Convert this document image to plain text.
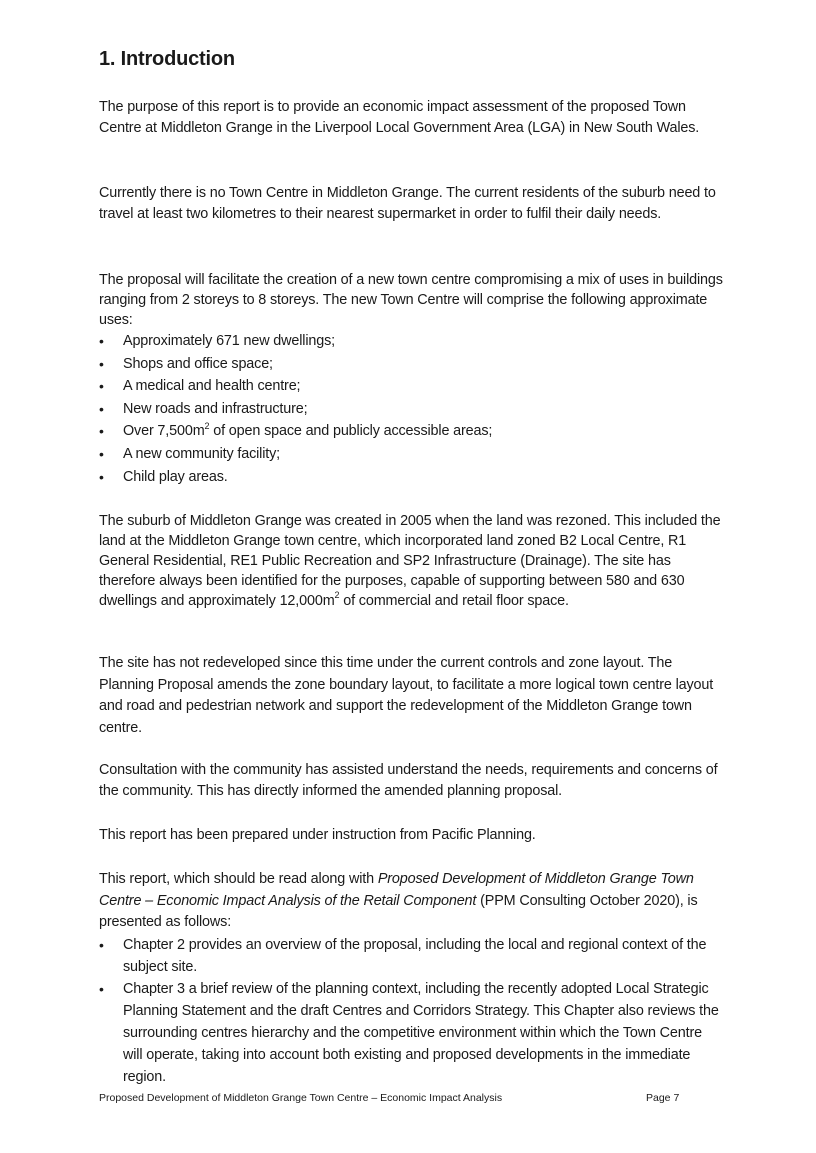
1. Introduction

The purpose of this report is to provide an economic impact assessment of the proposed Town Centre at Middleton Grange in the Liverpool Local Government Area (LGA) in New South Wales.

Currently there is no Town Centre in Middleton Grange. The current residents of the suburb need to travel at least two kilometres to their nearest supermarket in order to fulfil their daily needs.

The proposal will facilitate the creation of a new town centre compromising a mix of uses in buildings ranging from 2 storeys to 8 storeys. The new Town Centre will comprise the following approximate uses:

• Approximately 671 new dwellings;
• Shops and office space;
• A medical and health centre;
• New roads and infrastructure;
• Over $7,500m^2$ of open space and publicly accessible areas;
• A new community facility;
• Child play areas.

The suburb of Middleton Grange was created in 2005 when the land was rezoned. This included the land at the Middleton Grange town centre, which incorporated land zoned B2 Local Centre, R1 General Residential, RE1 Public Recreation and SP2 Infrastructure (Drainage). The site has therefore always been identified for the purposes, capable of supporting between 580 and 630 dwellings and approximately $12,000m^2$ of commercial and retail floor space.

The site has not redeveloped since this time under the current controls and zone layout. The Planning Proposal amends the zone boundary layout, to facilitate a more logical town centre layout and road and pedestrian network and support the redevelopment of the Middleton Grange town centre.

Consultation with the community has assisted understand the needs, requirements and concerns of the community. This has directly informed the amended planning proposal.

This report has been prepared under instruction from Pacific Planning.

This report, which should be read along with Proposed Development of Middleton Grange Town Centre – Economic Impact Analysis of the Retail Component (PPM Consulting October 2020), is presented as follows:

• Chapter 2 provides an overview of the proposal, including the local and regional context of the subject site.
• Chapter 3 a brief review of the planning context, including the recently adopted Local Strategic Planning Statement and the draft Centres and Corridors Strategy. This Chapter also reviews the surrounding centres hierarchy and the competitive environment within which the Town Centre will operate, taking into account both existing and proposed developments in the immediate region.
Proposed Development of Middleton Grange Town Centre – Economic Impact Analysis	Page 7
